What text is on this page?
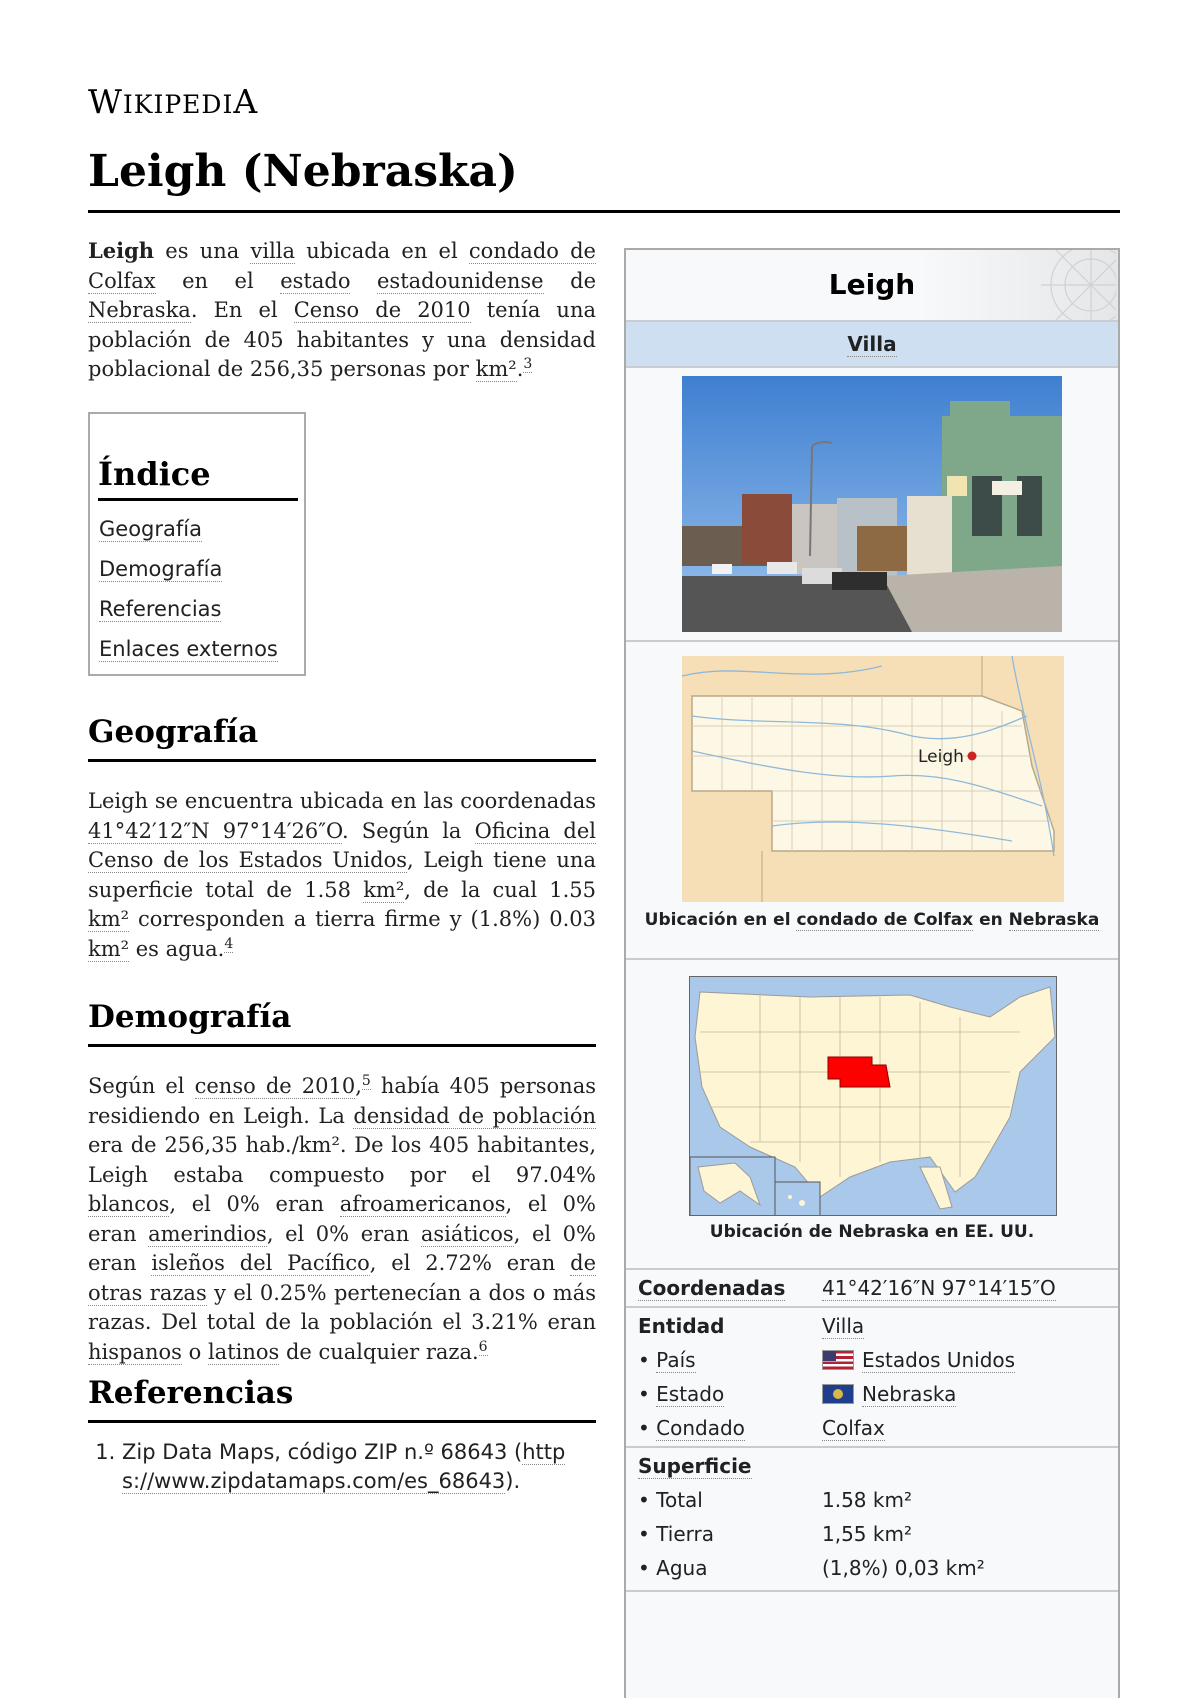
WIKIPEDIA
Leigh (Nebraska)

Leigh es una villa ubicada en el condado de Colfax en el estado estadounidense de Nebraska. En el Censo de 2010 tenía una población de 405 habitantes y una densidad poblacional de 256,35 personas por km².$^3$

Índice
Geografía
Demografía
Referencias
Enlaces externos
Geografía

Leigh se encuentra ubicada en las coordenadas 41°42′12″N 97°14′26″O. Según la Oficina del Censo de los Estados Unidos, Leigh tiene una superficie total de 1.58 km², de la cual 1.55 km² corresponden a tierra firme y (1.8%) 0.03 km² es agua.$^4$

Demografía

Según el censo de 2010,$^5$ había 405 personas residiendo en Leigh. La densidad de población era de 256,35 hab./km². De los 405 habitantes, Leigh estaba compuesto por el 97.04% blancos, el 0% eran afroamericanos, el 0% eran amerindios, el 0% eran asiáticos, el 0% eran isleños del Pacífico, el 2.72% eran de otras razas y el 0.25% pertenecían a dos o más razas. Del total de la población el 3.21% eran hispanos o latinos de cualquier raza.$^6$

Referencias
1. Zip Data Maps, código ZIP n.º 68643 (https://www.zipdatamaps.com/es_68643).
Leigh
Villa
Leigh
Ubicación en el condado de Colfax en Nebraska
Ubicación de Nebraska en EE. UU.
Coordenadas 41°42′16″N 97°14′15″O
Entidad	Villa
• País	Estados Unidos
• Estado	Nebraska
• Condado	Colfax
Superficie
• Total	1.58 km²
• Tierra	1,55 km²
• Agua	(1,8%) 0,03 km²
